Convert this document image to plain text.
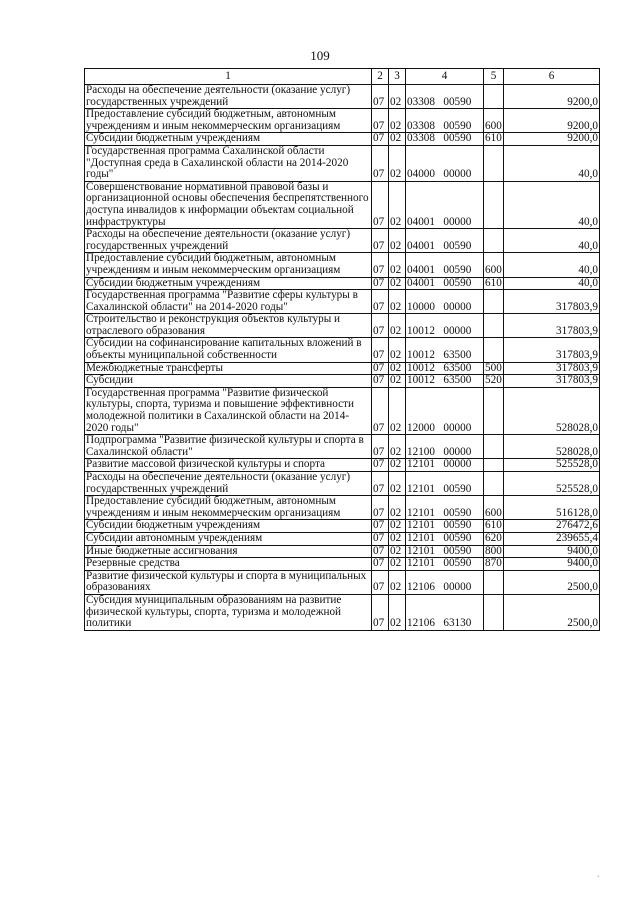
109
1	2	3	4	5	6
Расходы на обеспечение деятельности (оказание услуг) государственных учреждений	07	02	03308   00590		9200,0
Предоставление субсидий бюджетным, автономным учреждениям и иным некоммерческим организациям	07	02	03308   00590	600	9200,0
Субсидии бюджетным учреждениям	07	02	03308   00590	610	9200,0
Государственная программа Сахалинской области "Доступная среда в Сахалинской области на 2014-2020 годы"	07	02	04000   00000		40,0
Совершенствование нормативной правовой базы и организационной основы обеспечения беспрепятственного доступа инвалидов к информации объектам социальной инфраструктуры	07	02	04001   00000		40,0
Расходы на обеспечение деятельности (оказание услуг) государственных учреждений	07	02	04001   00590		40,0
Предоставление субсидий бюджетным, автономным учреждениям и иным некоммерческим организациям	07	02	04001   00590	600	40,0
Субсидии бюджетным учреждениям	07	02	04001   00590	610	40,0
Государственная программа "Развитие сферы культуры в Сахалинской области" на 2014-2020 годы"	07	02	10000   00000		317803,9
Строительство и реконструкция объектов культуры и отраслевого образования	07	02	10012   00000		317803,9
Субсидии на софинансирование капитальных вложений в объекты муниципальной собственности	07	02	10012   63500		317803,9
Межбюджетные трансферты	07	02	10012   63500	500	317803,9
Субсидии	07	02	10012   63500	520	317803,9
Государственная программа "Развитие физической культуры, спорта, туризма и повышение эффективности молодежной политики в Сахалинской области на 2014-2020 годы"	07	02	12000   00000		528028,0
Подпрограмма "Развитие физической культуры и спорта в Сахалинской области"	07	02	12100   00000		528028,0
Развитие массовой физической культуры и спорта	07	02	12101   00000		525528,0
Расходы на обеспечение деятельности (оказание услуг) государственных учреждений	07	02	12101   00590		525528,0
Предоставление субсидий бюджетным, автономным учреждениям и иным некоммерческим организациям	07	02	12101   00590	600	516128,0
Субсидии бюджетным учреждениям	07	02	12101   00590	610	276472,6
Субсидии автономным учреждениям	07	02	12101   00590	620	239655,4
Иные бюджетные ассигнования	07	02	12101   00590	800	9400,0
Резервные средства	07	02	12101   00590	870	9400,0
Развитие физической культуры и спорта в муниципальных образованиях	07	02	12106   00000		2500,0
Субсидия муниципальным образованиям на развитие физической культуры, спорта, туризма и молодежной политики	07	02	12106   63130		2500,0
ˎ
